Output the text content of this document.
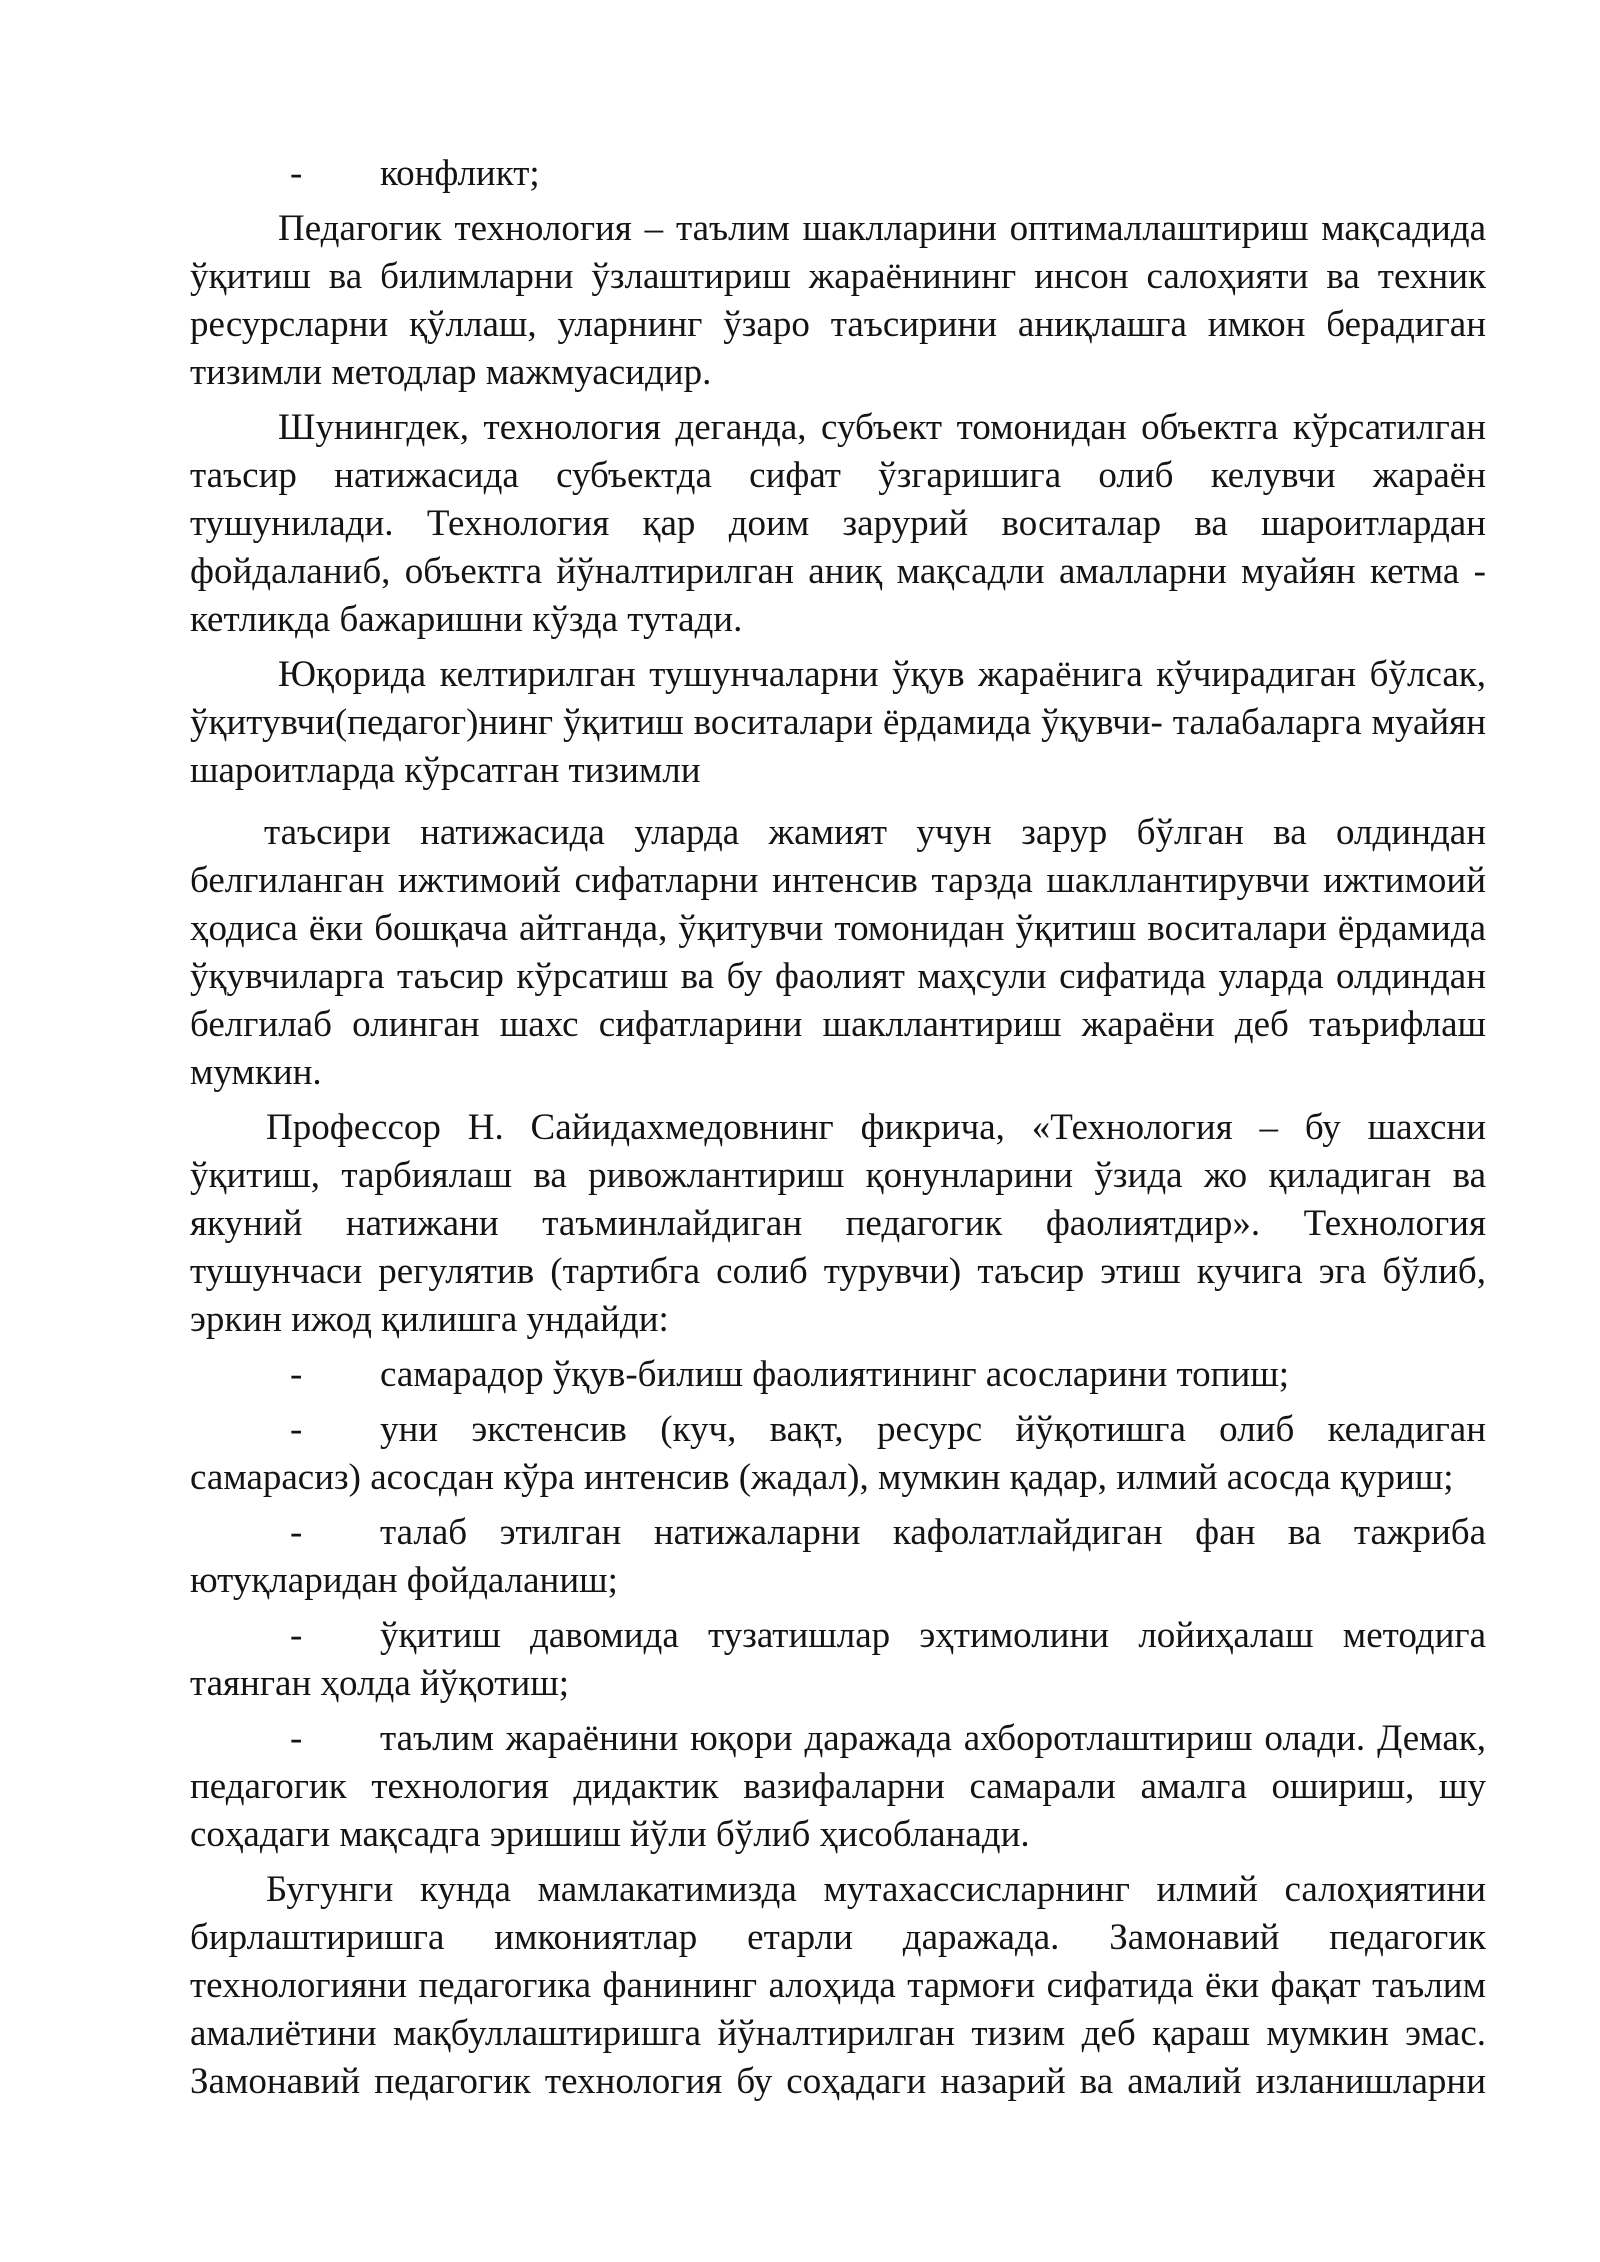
- конфликт;

Педагогик технология – таълим шаклларини оптималлаштириш мақсадида ўқитиш ва билимларни ўзлаштириш жараёнининг инсон салоҳияти ва техник ресурсларни қўллаш, уларнинг ўзаро таъсирини аниқлашга имкон берадиган тизимли методлар мажмуасидир.

Шунингдек, технология деганда, субъект томонидан объектга кўрсатилган таъсир натижасида субъектда сифат ўзгаришига олиб келувчи жараён тушунилади. Технология қар доим зарурий воситалар ва шароитлардан фойдаланиб, объектга йўналтирилган аниқ мақсадли амалларни муайян кетма - кетликда бажаришни кўзда тутади.

Юқорида келтирилган тушунчаларни ўқув жараёнига кўчирадиган бўлсак, ўқитувчи(педагог)нинг ўқитиш воситалари ёрдамида ўқувчи- талабаларга муайян шароитларда кўрсатган тизимли

таъсири натижасида уларда жамият учун зарур бўлган ва олдиндан белгиланган ижтимоий сифатларни интенсив тарзда шакллантирувчи ижтимоий ҳодиса ёки бошқача айтганда, ўқитувчи томонидан ўқитиш воситалари ёрдамида ўқувчиларга таъсир кўрсатиш ва бу фаолият маҳсули сифатида уларда олдиндан белгилаб олинган шахс сифатларини шакллантириш жараёни деб таърифлаш мумкин.

Профессор Н. Сайидахмедовнинг фикрича, «Технология – бу шахсни ўқитиш, тарбиялаш ва ривожлантириш қонунларини ўзида жо қиладиган ва якуний натижани таъминлайдиган педагогик фаолиятдир». Технология тушунчаси регулятив (тартибга солиб турувчи) таъсир этиш кучига эга бўлиб, эркин ижод қилишга ундайди:

- самарадор ўқув-билиш фаолиятининг асосларини топиш;
- уни экстенсив (куч, вақт, ресурс йўқотишга олиб келадиган самарасиз) асосдан кўра интенсив (жадал), мумкин қадар, илмий асосда қуриш;
- талаб этилган натижаларни кафолатлайдиган фан ва тажриба ютуқларидан фойдаланиш;
- ўқитиш давомида тузатишлар эҳтимолини лойиҳалаш методига таянган ҳолда йўқотиш;
- таълим жараёнини юқори даражада ахборотлаштириш олади. Демак, педагогик технология дидактик вазифаларни самарали амалга ошириш, шу соҳадаги мақсадга эришиш йўли бўлиб ҳисобланади.

Бугунги кунда мамлакатимизда мутахассисларнинг илмий салоҳиятини бирлаштиришга имкониятлар етарли даражада. Замонавий педагогик технологияни педагогика фанининг алоҳида тармоғи сифатида ёки фақат таълим амалиётини мақбуллаштиришга йўналтирилган тизим деб қараш мумкин эмас. Замонавий педагогик технология бу соҳадаги назарий ва амалий изланишларни
